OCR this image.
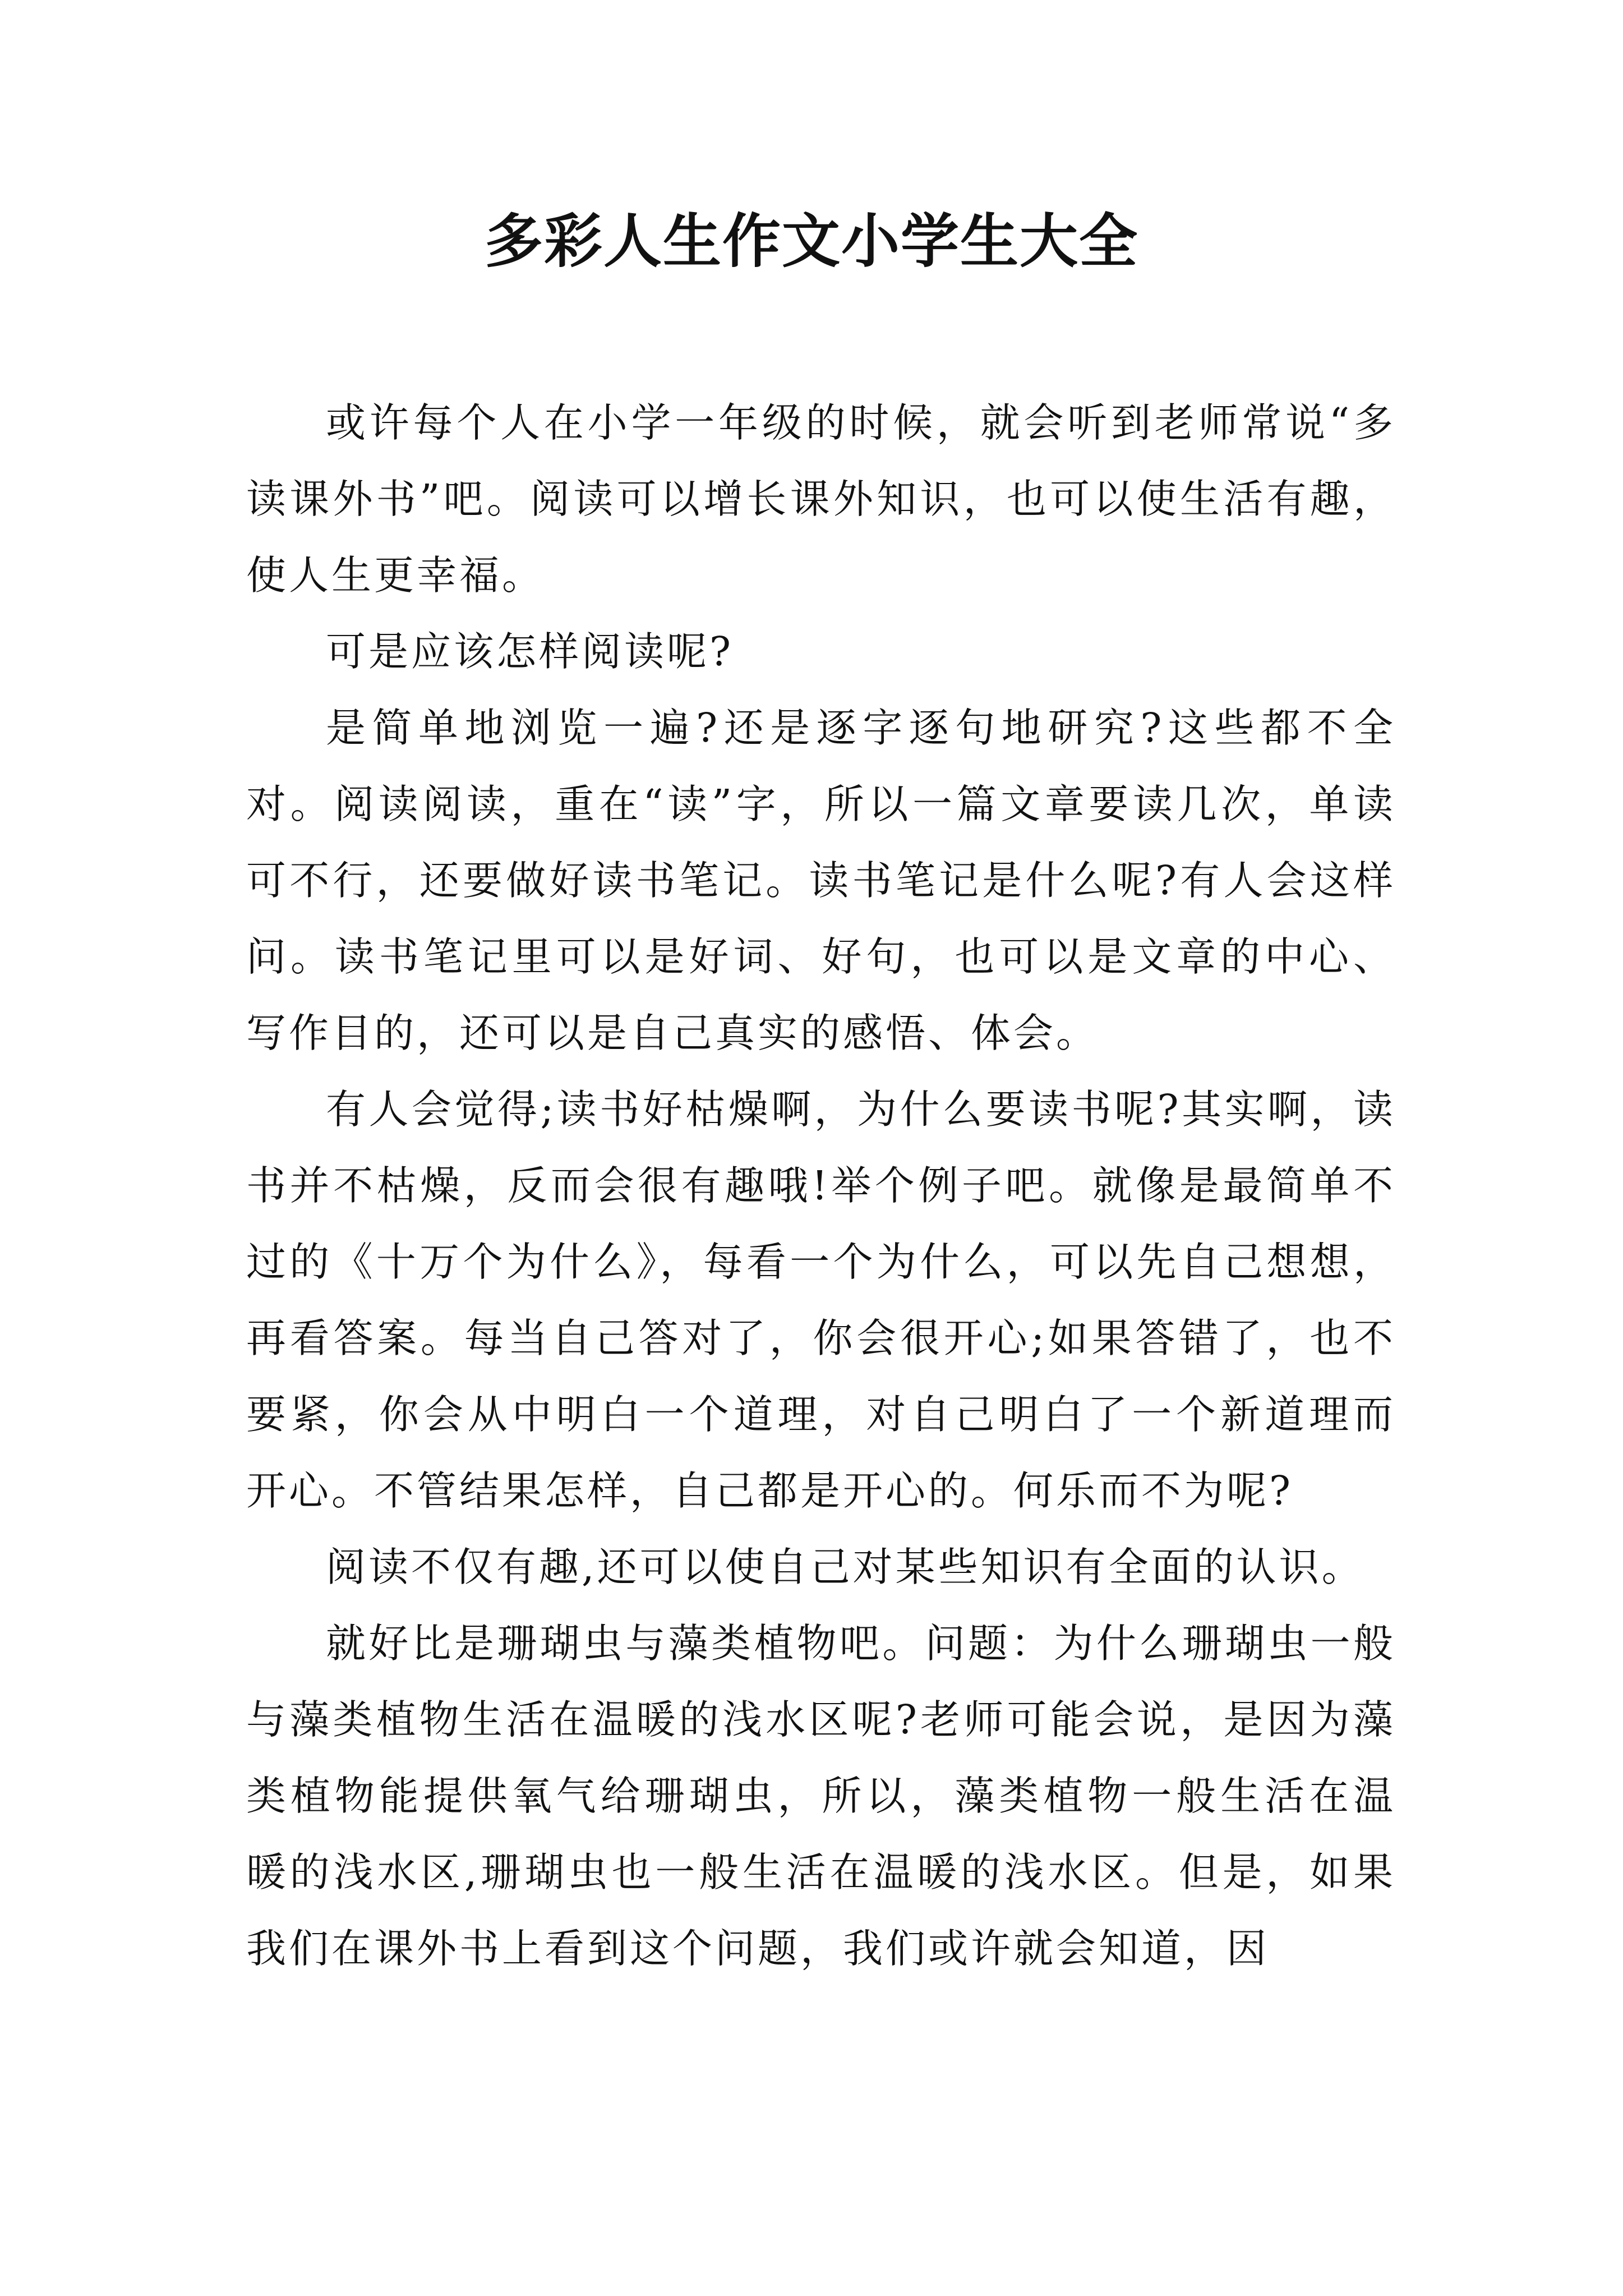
多彩人生作文小学生大全

或许每个人在小学一年级的时候，就会听到老师常说“多读课外书”吧。阅读可以增长课外知识，也可以使生活有趣，使人生更幸福。

可是应该怎样阅读呢?

是简单地浏览一遍?还是逐字逐句地研究?这些都不全对。阅读阅读，重在“读”字，所以一篇文章要读几次，单读可不行，还要做好读书笔记。读书笔记是什么呢?有人会这样问。读书笔记里可以是好词、好句，也可以是文章的中心、写作目的，还可以是自己真实的感悟、体会。

有人会觉得;读书好枯燥啊，为什么要读书呢?其实啊，读书并不枯燥，反而会很有趣哦!举个例子吧。就像是最简单不过的《十万个为什么》，每看一个为什么，可以先自己想想，再看答案。每当自己答对了，你会很开心;如果答错了，也不要紧，你会从中明白一个道理，对自己明白了一个新道理而开心。不管结果怎样，自己都是开心的。何乐而不为呢?

阅读不仅有趣,还可以使自己对某些知识有全面的认识。

就好比是珊瑚虫与藻类植物吧。问题：为什么珊瑚虫一般与藻类植物生活在温暖的浅水区呢?老师可能会说，是因为藻类植物能提供氧气给珊瑚虫，所以，藻类植物一般生活在温暖的浅水区,珊瑚虫也一般生活在温暖的浅水区。但是，如果我们在课外书上看到这个问题，我们或许就会知道，因
